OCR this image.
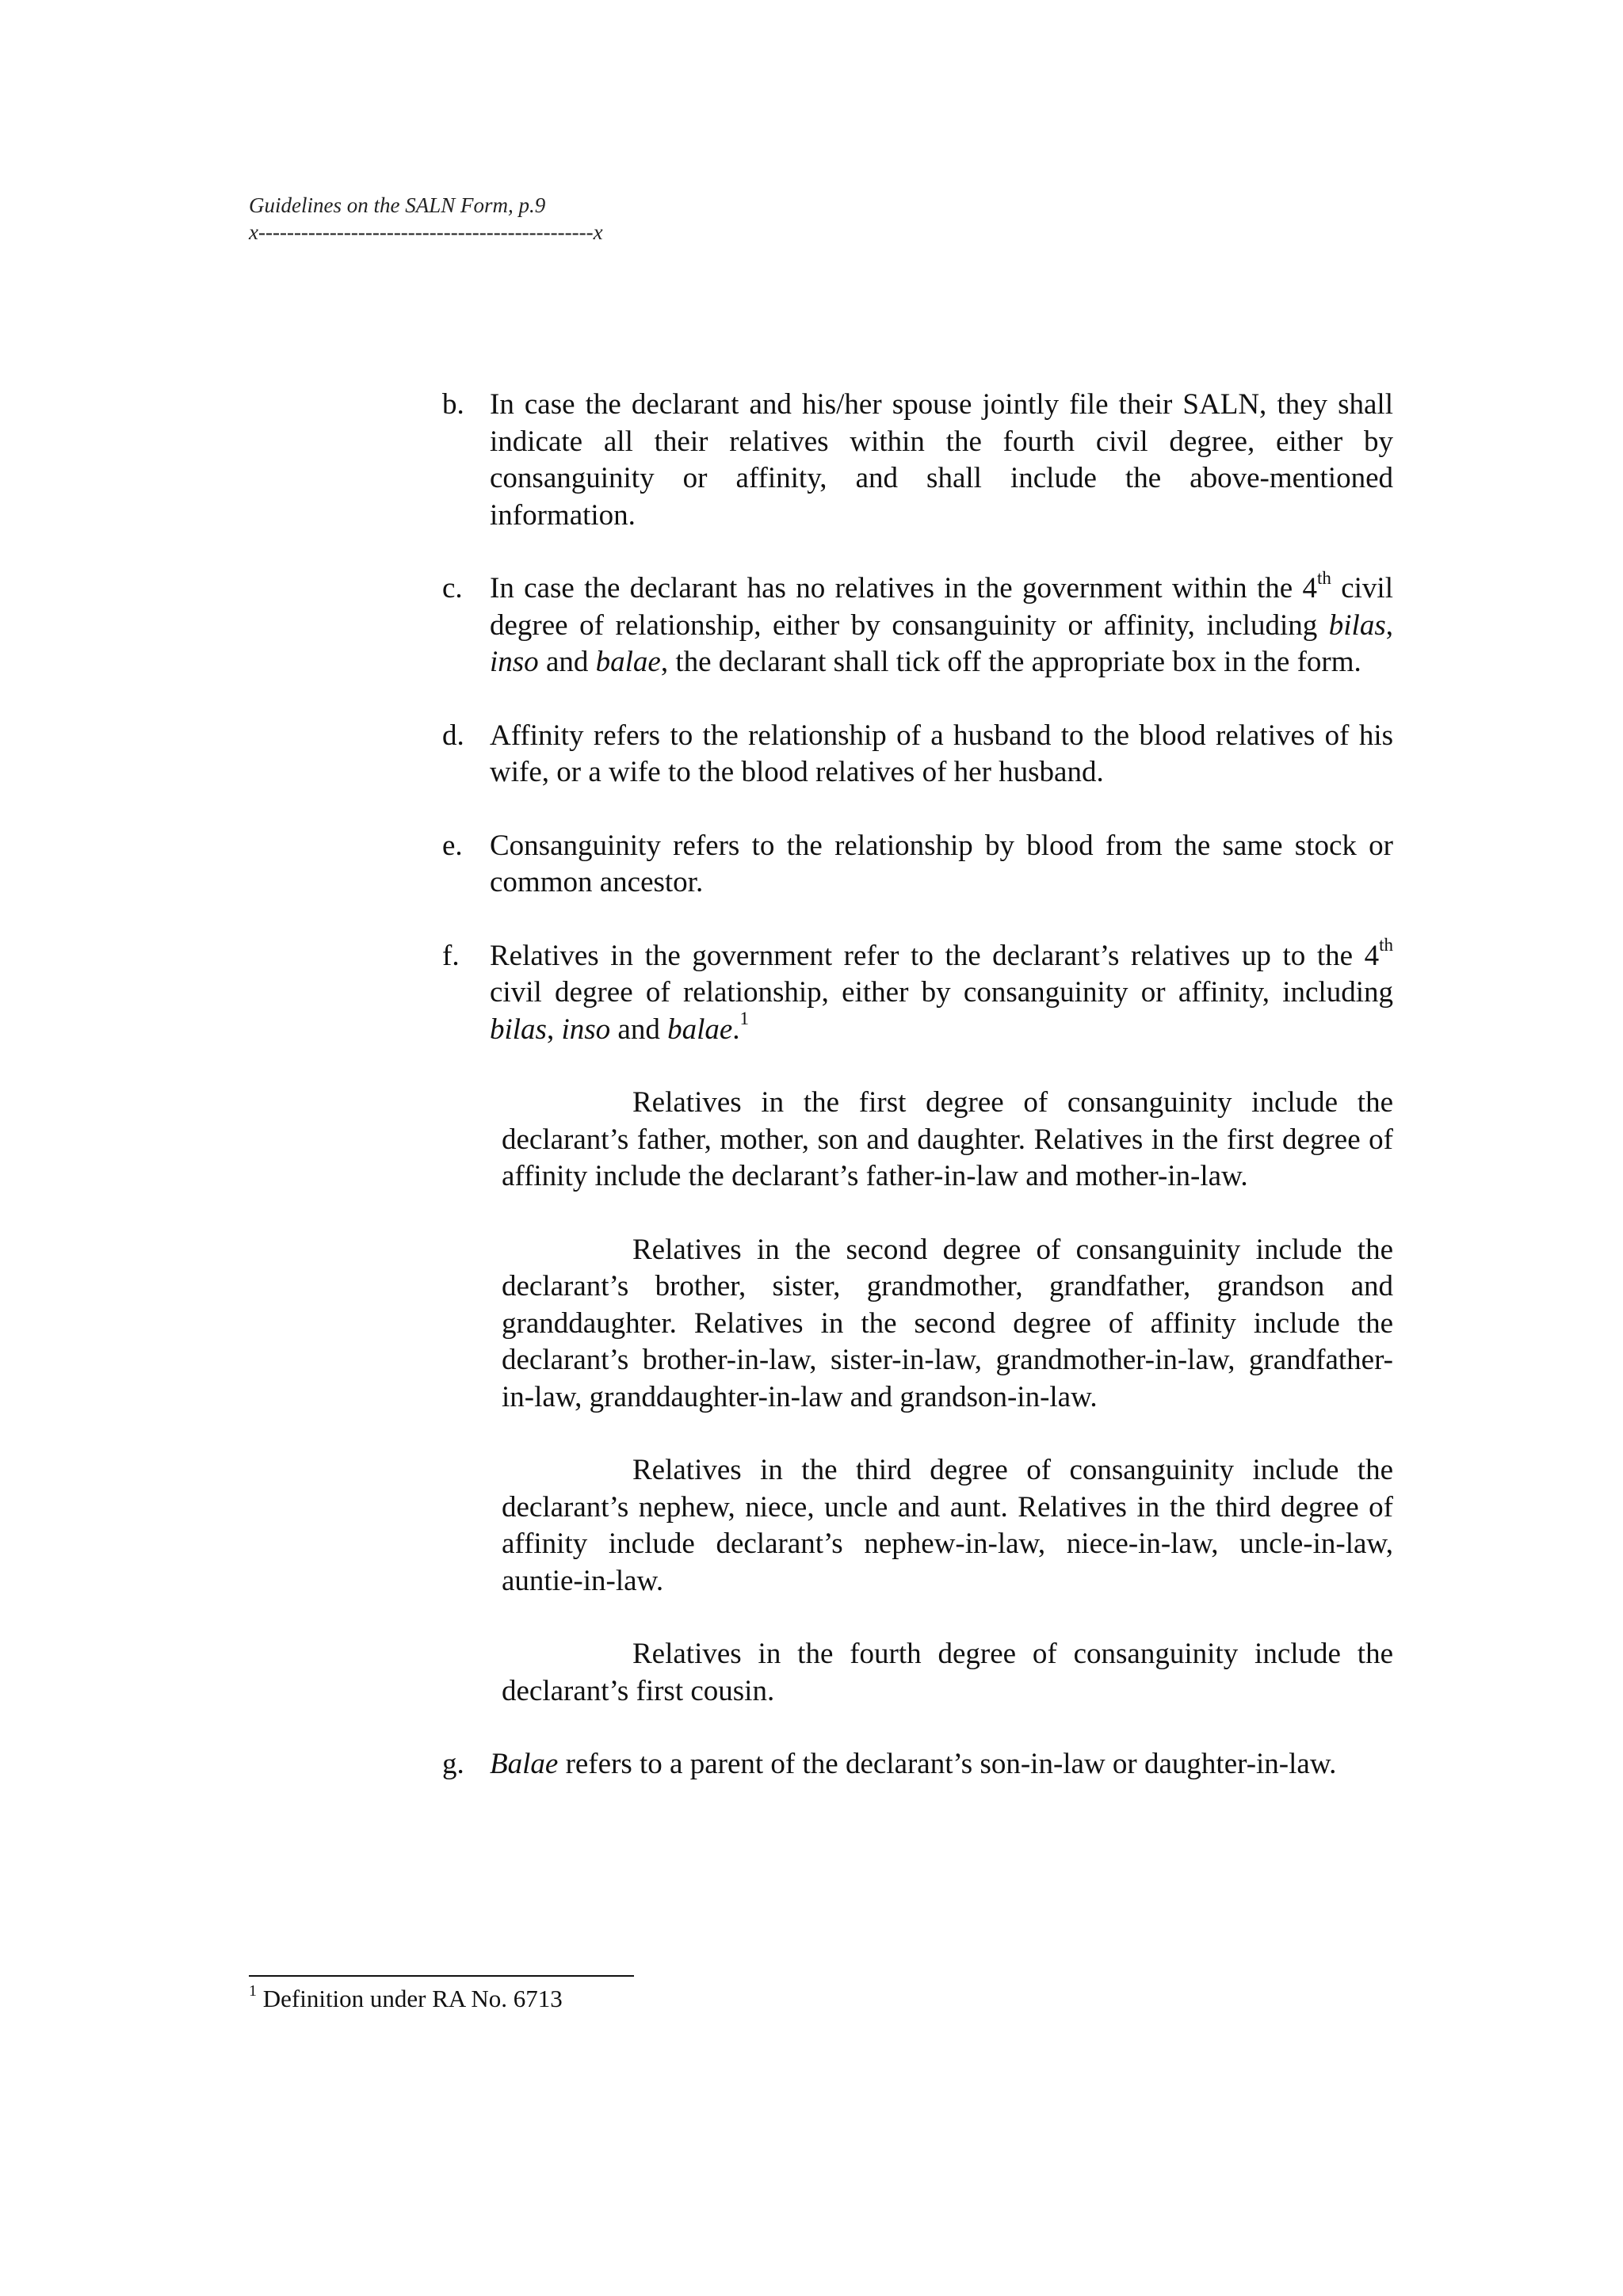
Guidelines on the SALN Form, p.9
x-----------------------------------------------x
b. In case the declarant and his/her spouse jointly file their SALN, they shall indicate all their relatives within the fourth civil degree, either by consanguinity or affinity, and shall include the above-mentioned information.
c. In case the declarant has no relatives in the government within the 4th civil degree of relationship, either by consanguinity or affinity, including bilas, inso and balae, the declarant shall tick off the appropriate box in the form.
d. Affinity refers to the relationship of a husband to the blood relatives of his wife, or a wife to the blood relatives of her husband.
e. Consanguinity refers to the relationship by blood from the same stock or common ancestor.
f. Relatives in the government refer to the declarant’s relatives up to the 4th civil degree of relationship, either by consanguinity or affinity, including bilas, inso and balae.$^1$

Relatives in the first degree of consanguinity include the declarant’s father, mother, son and daughter. Relatives in the first degree of affinity include the declarant’s father-in-law and mother-in-law.

Relatives in the second degree of consanguinity include the declarant’s brother, sister, grandmother, grandfather, grandson and granddaughter. Relatives in the second degree of affinity include the declarant’s brother-in-law, sister-in-law, grandmother-in-law, grandfather-in-law, granddaughter-in-law and grandson-in-law.

Relatives in the third degree of consanguinity include the declarant’s nephew, niece, uncle and aunt. Relatives in the third degree of affinity include declarant’s nephew-in-law, niece-in-law, uncle-in-law, auntie-in-law.

Relatives in the fourth degree of consanguinity include the declarant’s first cousin.

g. Balae refers to a parent of the declarant’s son-in-law or daughter-in-law.
$^1$ Definition under RA No. 6713
